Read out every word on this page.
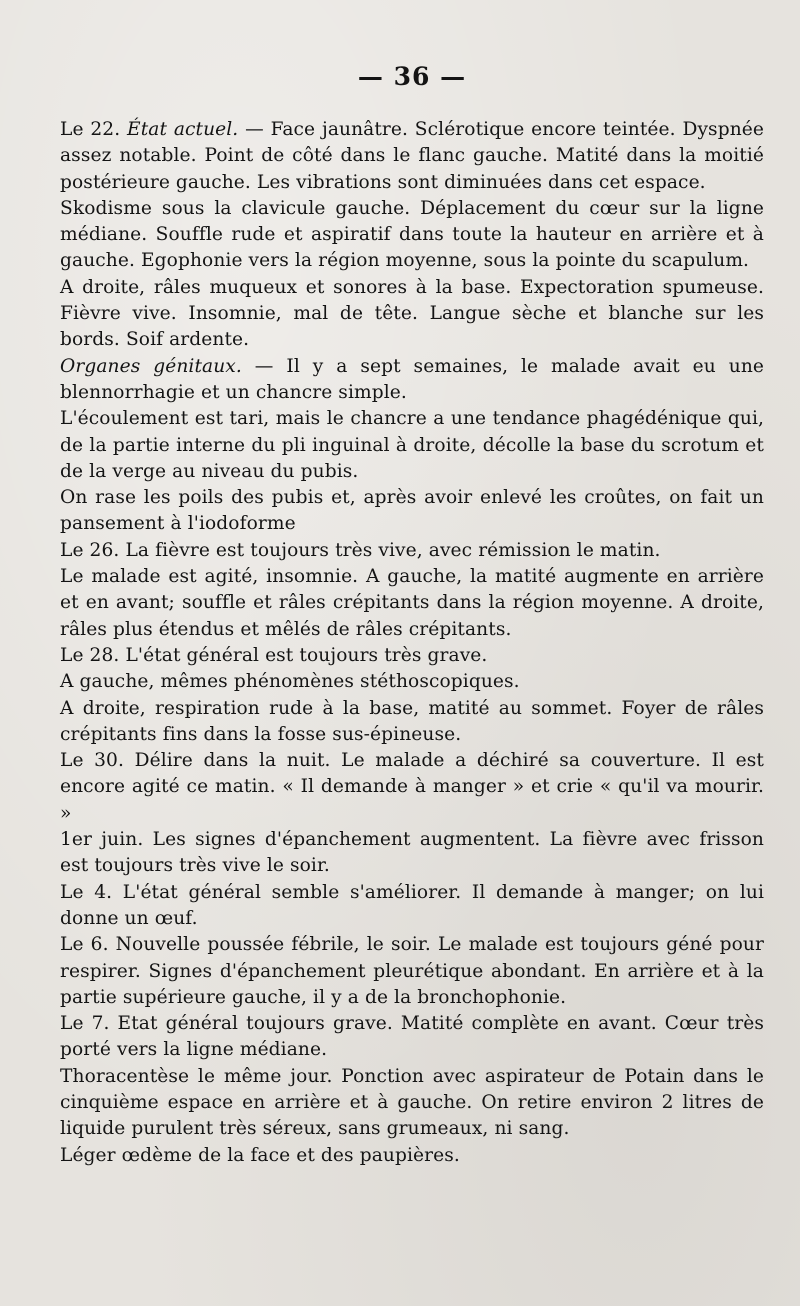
— 36 —

Le 22. État actuel. — Face jaunâtre. Sclérotique encore teintée. Dyspnée assez notable. Point de côté dans le flanc gauche. Matité dans la moitié postérieure gauche. Les vibrations sont diminuées dans cet espace.

Skodisme sous la clavicule gauche. Déplacement du cœur sur la ligne médiane. Souffle rude et aspiratif dans toute la hauteur en arrière et à gauche. Egophonie vers la région moyenne, sous la pointe du scapulum.

A droite, râles muqueux et sonores à la base. Expectoration spumeuse. Fièvre vive. Insomnie, mal de tête. Langue sèche et blanche sur les bords. Soif ardente.

Organes génitaux. — Il y a sept semaines, le malade avait eu une blennorrhagie et un chancre simple.

L'écoulement est tari, mais le chancre a une tendance phagédénique qui, de la partie interne du pli inguinal à droite, décolle la base du scrotum et de la verge au niveau du pubis.

On rase les poils des pubis et, après avoir enlevé les croûtes, on fait un pansement à l'iodoforme

Le 26. La fièvre est toujours très vive, avec rémission le matin.

Le malade est agité, insomnie. A gauche, la matité augmente en arrière et en avant; souffle et râles crépitants dans la région moyenne. A droite, râles plus étendus et mêlés de râles crépitants.

Le 28. L'état général est toujours très grave.

A gauche, mêmes phénomènes stéthoscopiques.

A droite, respiration rude à la base, matité au sommet. Foyer de râles crépitants fins dans la fosse sus-épineuse.

Le 30. Délire dans la nuit. Le malade a déchiré sa couverture. Il est encore agité ce matin. « Il demande à manger » et crie « qu'il va mourir. »

1er juin. Les signes d'épanchement augmentent. La fièvre avec frisson est toujours très vive le soir.

Le 4. L'état général semble s'améliorer. Il demande à manger; on lui donne un œuf.

Le 6. Nouvelle poussée fébrile, le soir. Le malade est toujours géné pour respirer. Signes d'épanchement pleurétique abondant. En arrière et à la partie supérieure gauche, il y a de la bronchophonie.

Le 7. Etat général toujours grave. Matité complète en avant. Cœur très porté vers la ligne médiane.

Thoracentèse le même jour. Ponction avec aspirateur de Potain dans le cinquième espace en arrière et à gauche. On retire environ 2 litres de liquide purulent très séreux, sans grumeaux, ni sang.

Léger œdème de la face et des paupières.
